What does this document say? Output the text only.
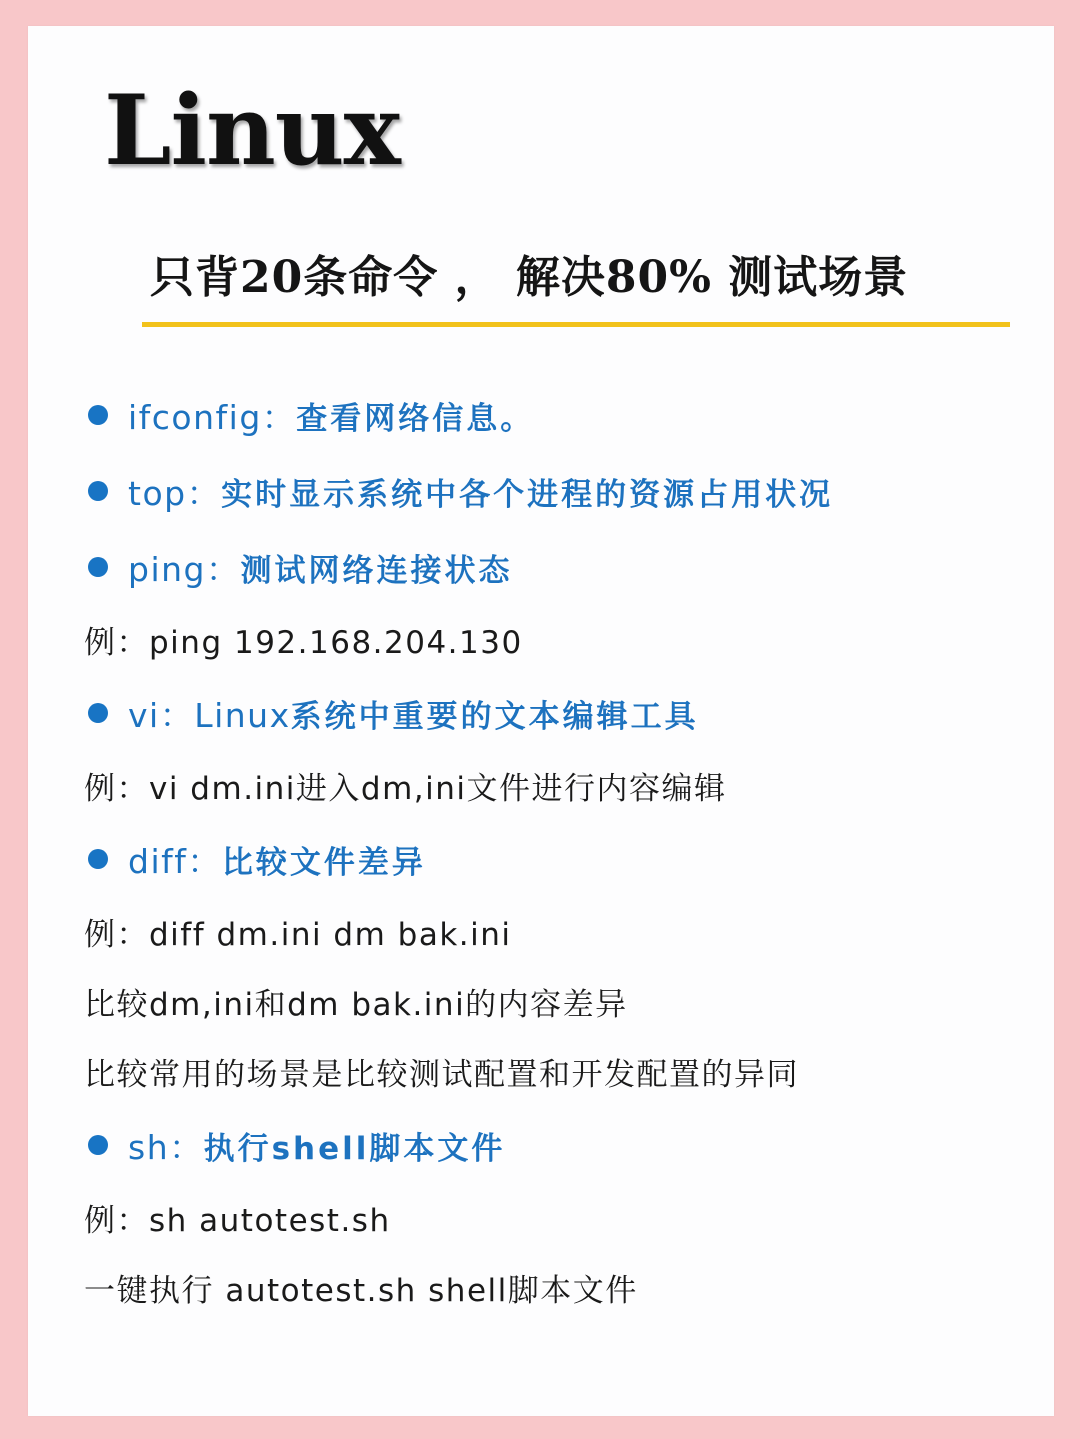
Linux
只背20条命令 ， 解决80% 测试场景
ifconfig： 查看网络信息。
top： 实时显示系统中各个进程的资源占用状况
ping： 测试网络连接状态
例：ping 192.168.204.130
vi：Linux 系统中重要的文本编辑工具
例：vi dm.ini进入dm,ini文件进行内容编辑
diff： 比较文件差异
例：diff dm.ini dm bak.ini
比较dm,ini和dm bak.ini的内容差异
比较常用的场景是比较测试配置和开发配置的异同
sh： 执行shell脚本文件
例：sh autotest.sh
一键执行 autotest.sh shell脚本文件
